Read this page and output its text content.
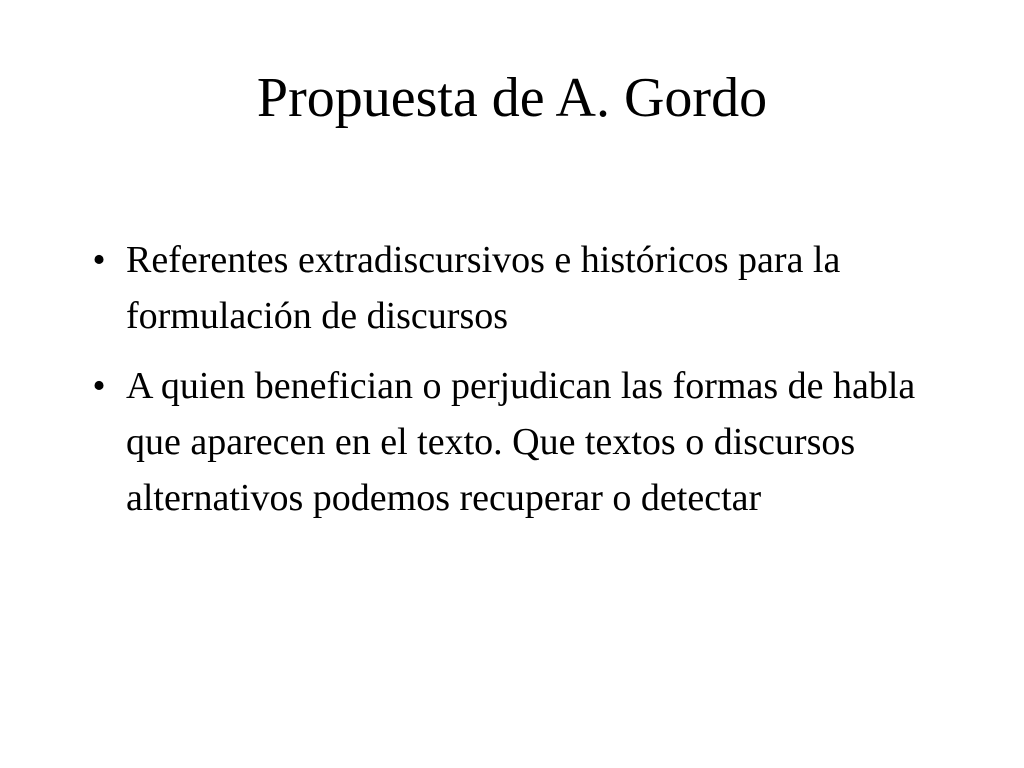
Propuesta de A. Gordo
• Referentes extradiscursivos e históricos para la formulación de discursos
• A quien benefician o perjudican las formas de habla que aparecen en el texto. Que textos o discursos alternativos podemos recuperar o detectar
